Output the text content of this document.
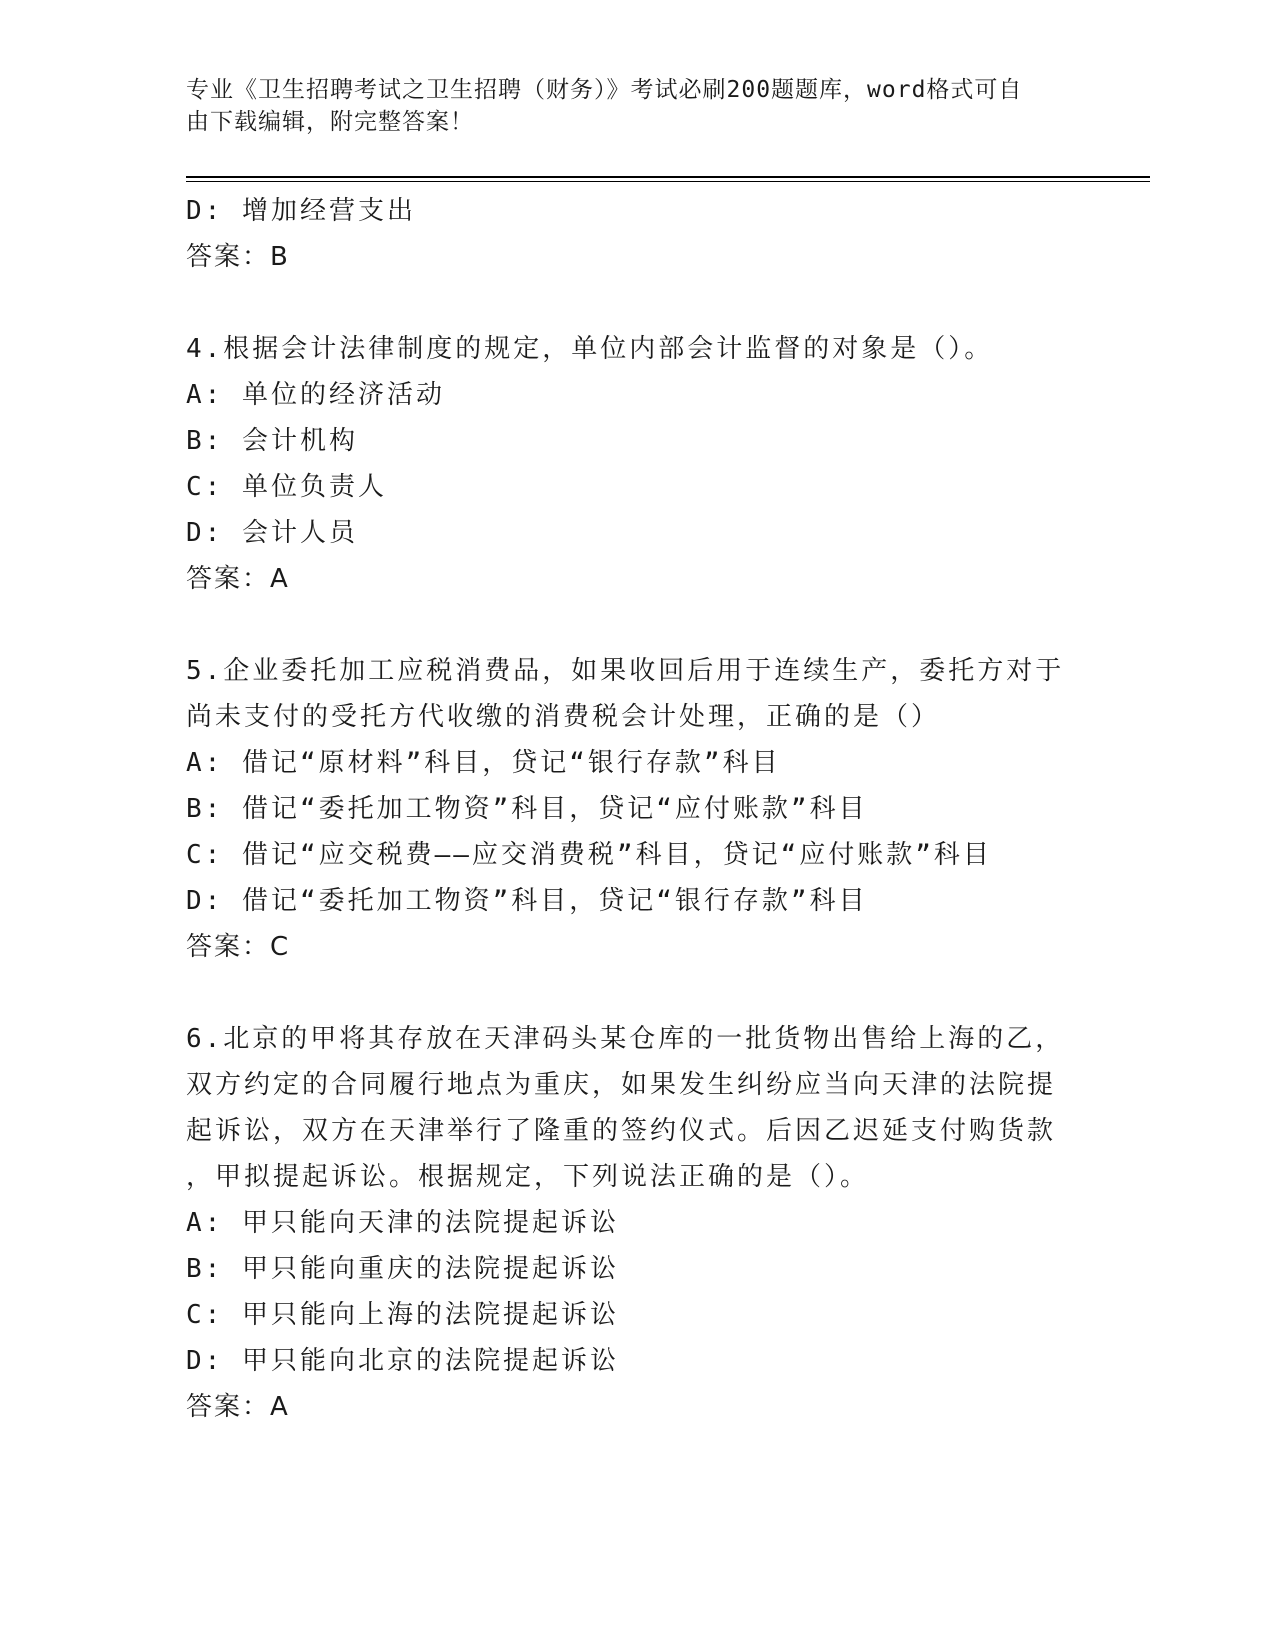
专业《卫生招聘考试之卫生招聘（财务）》考试必刷200题题库，word格式可自
由下载编辑，附完整答案！
D: 增加经营支出
答案：B
4.根据会计法律制度的规定，单位内部会计监督的对象是（）。
A: 单位的经济活动
B: 会计机构
C: 单位负责人
D: 会计人员
答案：A
5.企业委托加工应税消费品，如果收回后用于连续生产，委托方对于
尚未支付的受托方代收缴的消费税会计处理，正确的是（）
A: 借记“原材料”科目，贷记“银行存款”科目
B: 借记“委托加工物资”科目，贷记“应付账款”科目
C: 借记“应交税费——应交消费税”科目，贷记“应付账款”科目
D: 借记“委托加工物资”科目，贷记“银行存款”科目
答案：C
6.北京的甲将其存放在天津码头某仓库的一批货物出售给上海的乙，
双方约定的合同履行地点为重庆，如果发生纠纷应当向天津的法院提
起诉讼，双方在天津举行了隆重的签约仪式。后因乙迟延支付购货款
，甲拟提起诉讼。根据规定，下列说法正确的是（）。
A: 甲只能向天津的法院提起诉讼
B: 甲只能向重庆的法院提起诉讼
C: 甲只能向上海的法院提起诉讼
D: 甲只能向北京的法院提起诉讼
答案：A
